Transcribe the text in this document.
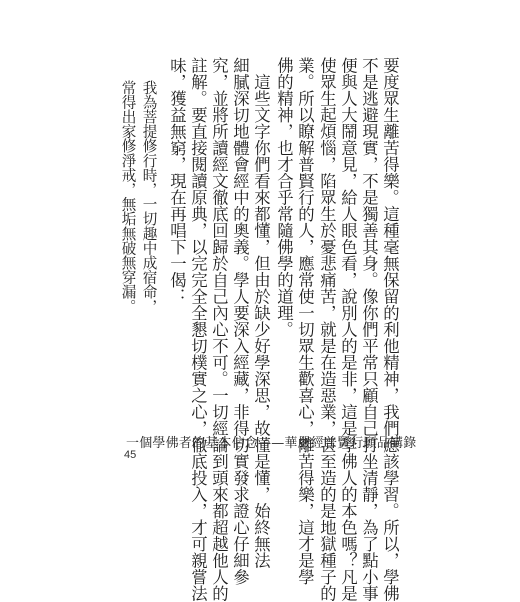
要度眾生離苦得樂。這種毫無保留的利他精神，我們應該學習。所以，學佛
不是逃避現實，不是獨善其身。像你們平常只顧自己打坐清靜，為了點小事
便與人大鬧意見，給人眼色看，說別人的是非，這是學佛人的本色嗎？凡是
使眾生起煩惱，陷眾生於憂悲痛苦，就是在造惡業，甚至造的是地獄種子的
業。所以瞭解普賢行的人，應常使一切眾生歡喜心，離苦得樂，這才是學
佛的精神，也才合乎常隨佛學的道理。
　這些文字你們看來都懂，但由於缺少好學深思，故懂是懂，始終無法
細膩深切地體會經中的奧義。學人要深入經藏，非得切實發求證心仔細參
究，並將所讀經文徹底回歸於自己內心不可。一切經論到頭來都超越他人的
註解。要直接閱讀原典，以完完全全懇切樸實之心，徹底投入，才可親嘗法
味，獲益無窮，現在再唱下一偈：
我為菩提修行時，一切趣中成宿命，
常得出家修淨戒，無垢無破無穿漏。
一個學佛者的基本信念——華嚴經普賢行願品講錄
45
